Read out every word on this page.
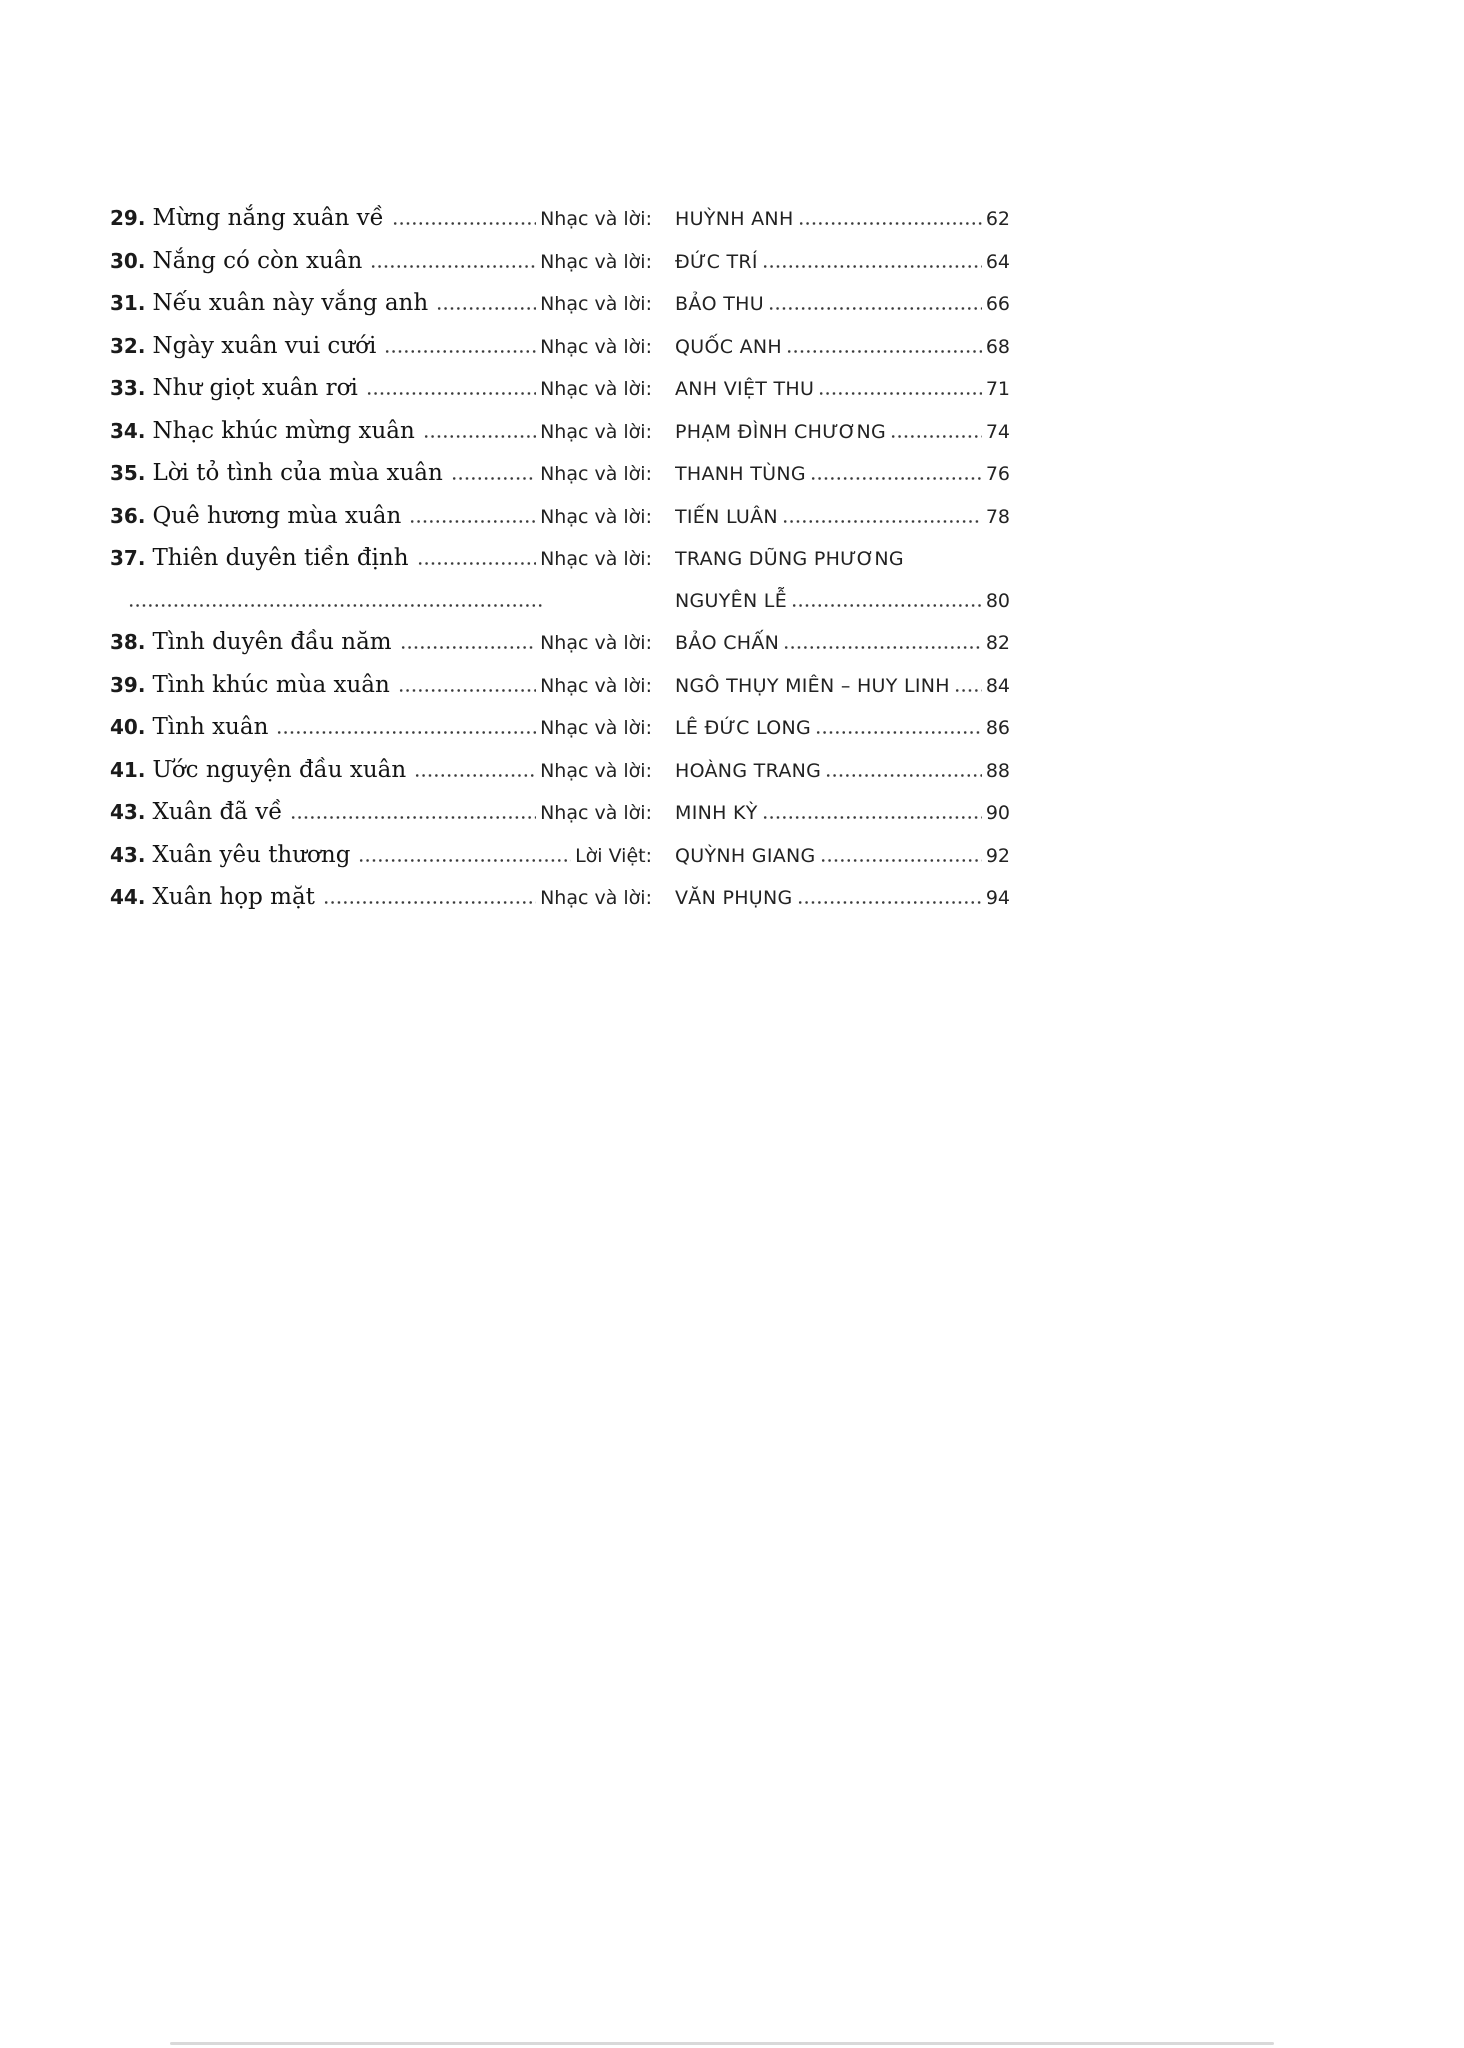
29. Mừng nắng xuân về	Nhạc và lời: HUỲNH ANH	62
30. Nắng có còn xuân	Nhạc và lời: ĐỨC TRÍ	64
31. Nếu xuân này vắng anh	Nhạc và lời: BẢO THU	66
32. Ngày xuân vui cưới	Nhạc và lời: QUỐC ANH	68
33. Như giọt xuân rơi	Nhạc và lời: ANH VIỆT THU	71
34. Nhạc khúc mừng xuân	Nhạc và lời: PHẠM ĐÌNH CHƯƠNG	74
35. Lời tỏ tình của mùa xuân	Nhạc và lời: THANH TÙNG	76
36. Quê hương mùa xuân	Nhạc và lời: TIẾN LUÂN	78
37. Thiên duyên tiền định	Nhạc và lời: TRANG DŨNG PHƯƠNG
NGUYÊN LỄ	80
38. Tình duyên đầu năm	Nhạc và lời: BẢO CHẤN	82
39. Tình khúc mùa xuân	Nhạc và lời: NGÔ THỤY MIÊN – HUY LINH 84
40. Tình xuân	Nhạc và lời: LÊ ĐỨC LONG	86
41. Ước nguyện đầu xuân	Nhạc và lời: HOÀNG TRANG	88
43. Xuân đã về	Nhạc và lời: MINH KỲ	90
43. Xuân yêu thương	Lời Việt: QUỲNH GIANG	92
44. Xuân họp mặt	Nhạc và lời: VĂN PHỤNG	94
